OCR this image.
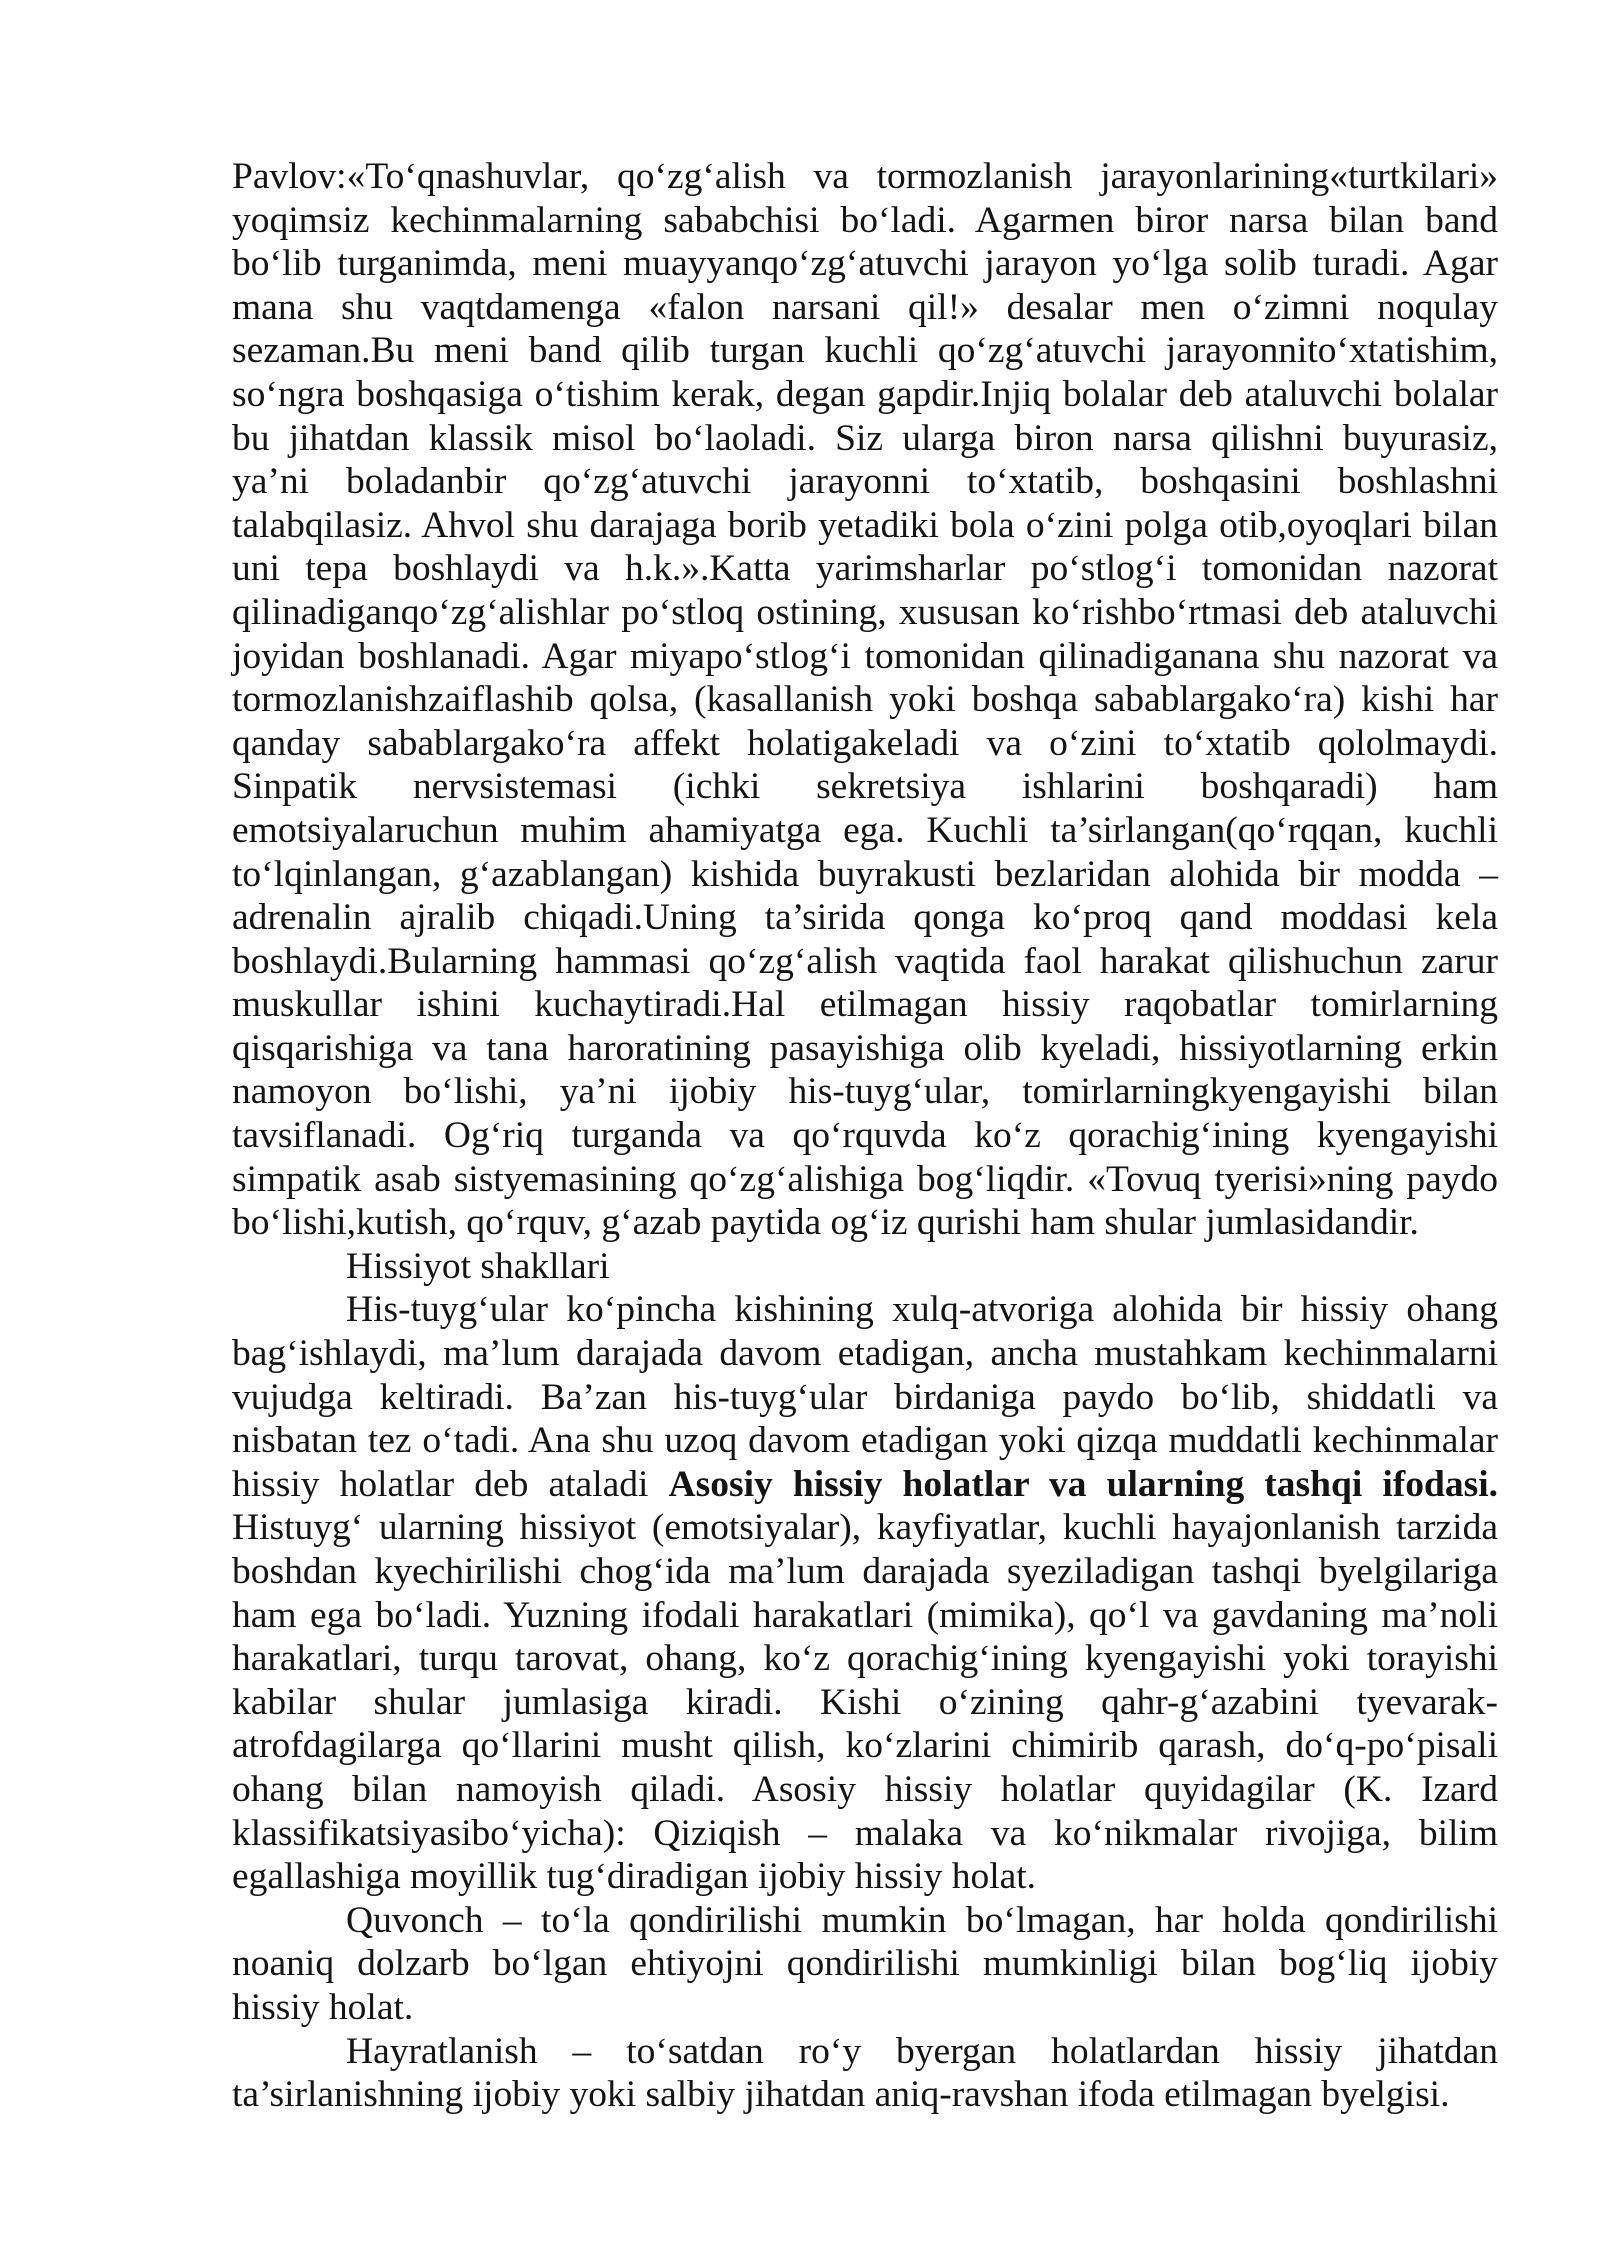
Pavlov:«To‘qnashuvlar, qo‘zg‘alish va tormozlanish jarayonlarining«turtkilari»
yoqimsiz kechinmalarning sababchisi bo‘ladi. Agarmen biror narsa bilan band
bo‘lib turganimda, meni muayyanqo‘zg‘atuvchi jarayon yo‘lga solib turadi. Agar
mana shu vaqtdamenga «falon narsani qil!» desalar men o‘zimni noqulay
sezaman.Bu meni band qilib turgan kuchli qo‘zg‘atuvchi jarayonnito‘xtatishim,
so‘ngra boshqasiga o‘tishim kerak, degan gapdir.Injiq bolalar deb ataluvchi bolalar
bu jihatdan klassik misol bo‘laoladi. Siz ularga biron narsa qilishni buyurasiz,
ya’ni boladanbir qo‘zg‘atuvchi jarayonni to‘xtatib, boshqasini boshlashni
talabqilasiz. Ahvol shu darajaga borib yetadiki bola o‘zini polga otib,oyoqlari bilan
uni tepa boshlaydi va h.k.».Katta yarimsharlar po‘stlog‘i tomonidan nazorat
qilinadiganqo‘zg‘alishlar po‘stloq ostining, xususan ko‘rishbo‘rtmasi deb ataluvchi
joyidan boshlanadi. Agar miyapo‘stlog‘i tomonidan qilinadiganana shu nazorat va
tormozlanishzaiflashib qolsa, (kasallanish yoki boshqa sabablargako‘ra) kishi har
qanday sabablargako‘ra affekt holatigakeladi va o‘zini to‘xtatib qololmaydi.
Sinpatik nervsistemasi (ichki sekretsiya ishlarini boshqaradi) ham
emotsiyalaruchun muhim ahamiyatga ega. Kuchli ta’sirlangan(qo‘rqqan, kuchli
to‘lqinlangan, g‘azablangan) kishida buyrakusti bezlaridan alohida bir modda –
adrenalin ajralib chiqadi.Uning ta’sirida qonga ko‘proq qand moddasi kela
boshlaydi.Bularning hammasi qo‘zg‘alish vaqtida faol harakat qilishuchun zarur
muskullar ishini kuchaytiradi.Hal etilmagan hissiy raqobatlar tomirlarning
qisqarishiga va tana haroratining pasayishiga olib kyeladi, hissiyotlarning erkin
namoyon bo‘lishi, ya’ni ijobiy his-tuyg‘ular, tomirlarningkyengayishi bilan
tavsiflanadi. Og‘riq turganda va qo‘rquvda ko‘z qorachig‘ining kyengayishi
simpatik asab sistyemasining qo‘zg‘alishiga bog‘liqdir. «Tovuq tyerisi»ning paydo
bo‘lishi,kutish, qo‘rquv, g‘azab paytida og‘iz qurishi ham shular jumlasidandir.
Hissiyot shakllari
His-tuyg‘ular ko‘pincha kishining xulq-atvoriga alohida bir hissiy ohang
bag‘ishlaydi, ma’lum darajada davom etadigan, ancha mustahkam kechinmalarni
vujudga keltiradi. Ba’zan his-tuyg‘ular birdaniga paydo bo‘lib, shiddatli va
nisbatan tez o‘tadi. Ana shu uzoq davom etadigan yoki qizqa muddatli kechinmalar
hissiy holatlar deb ataladi Asosiy hissiy holatlar va ularning tashqi ifodasi.
Histuyg‘ ularning hissiyot (emotsiyalar), kayfiyatlar, kuchli hayajonlanish tarzida
boshdan kyechirilishi chog‘ida ma’lum darajada syeziladigan tashqi byelgilariga
ham ega bo‘ladi. Yuzning ifodali harakatlari (mimika), qo‘l va gavdaning ma’noli
harakatlari, turqu tarovat, ohang, ko‘z qorachig‘ining kyengayishi yoki torayishi
kabilar shular jumlasiga kiradi. Kishi o‘zining qahr-g‘azabini tyevarak-
atrofdagilarga qo‘llarini musht qilish, ko‘zlarini chimirib qarash, do‘q-po‘pisali
ohang bilan namoyish qiladi. Asosiy hissiy holatlar quyidagilar (K. Izard
klassifikatsiyasibo‘yicha): Qiziqish – malaka va ko‘nikmalar rivojiga, bilim
egallashiga moyillik tug‘diradigan ijobiy hissiy holat.
Quvonch – to‘la qondirilishi mumkin bo‘lmagan, har holda qondirilishi
noaniq dolzarb bo‘lgan ehtiyojni qondirilishi mumkinligi bilan bog‘liq ijobiy
hissiy holat.
Hayratlanish – to‘satdan ro‘y byergan holatlardan hissiy jihatdan
ta’sirlanishning ijobiy yoki salbiy jihatdan aniq-ravshan ifoda etilmagan byelgisi.
